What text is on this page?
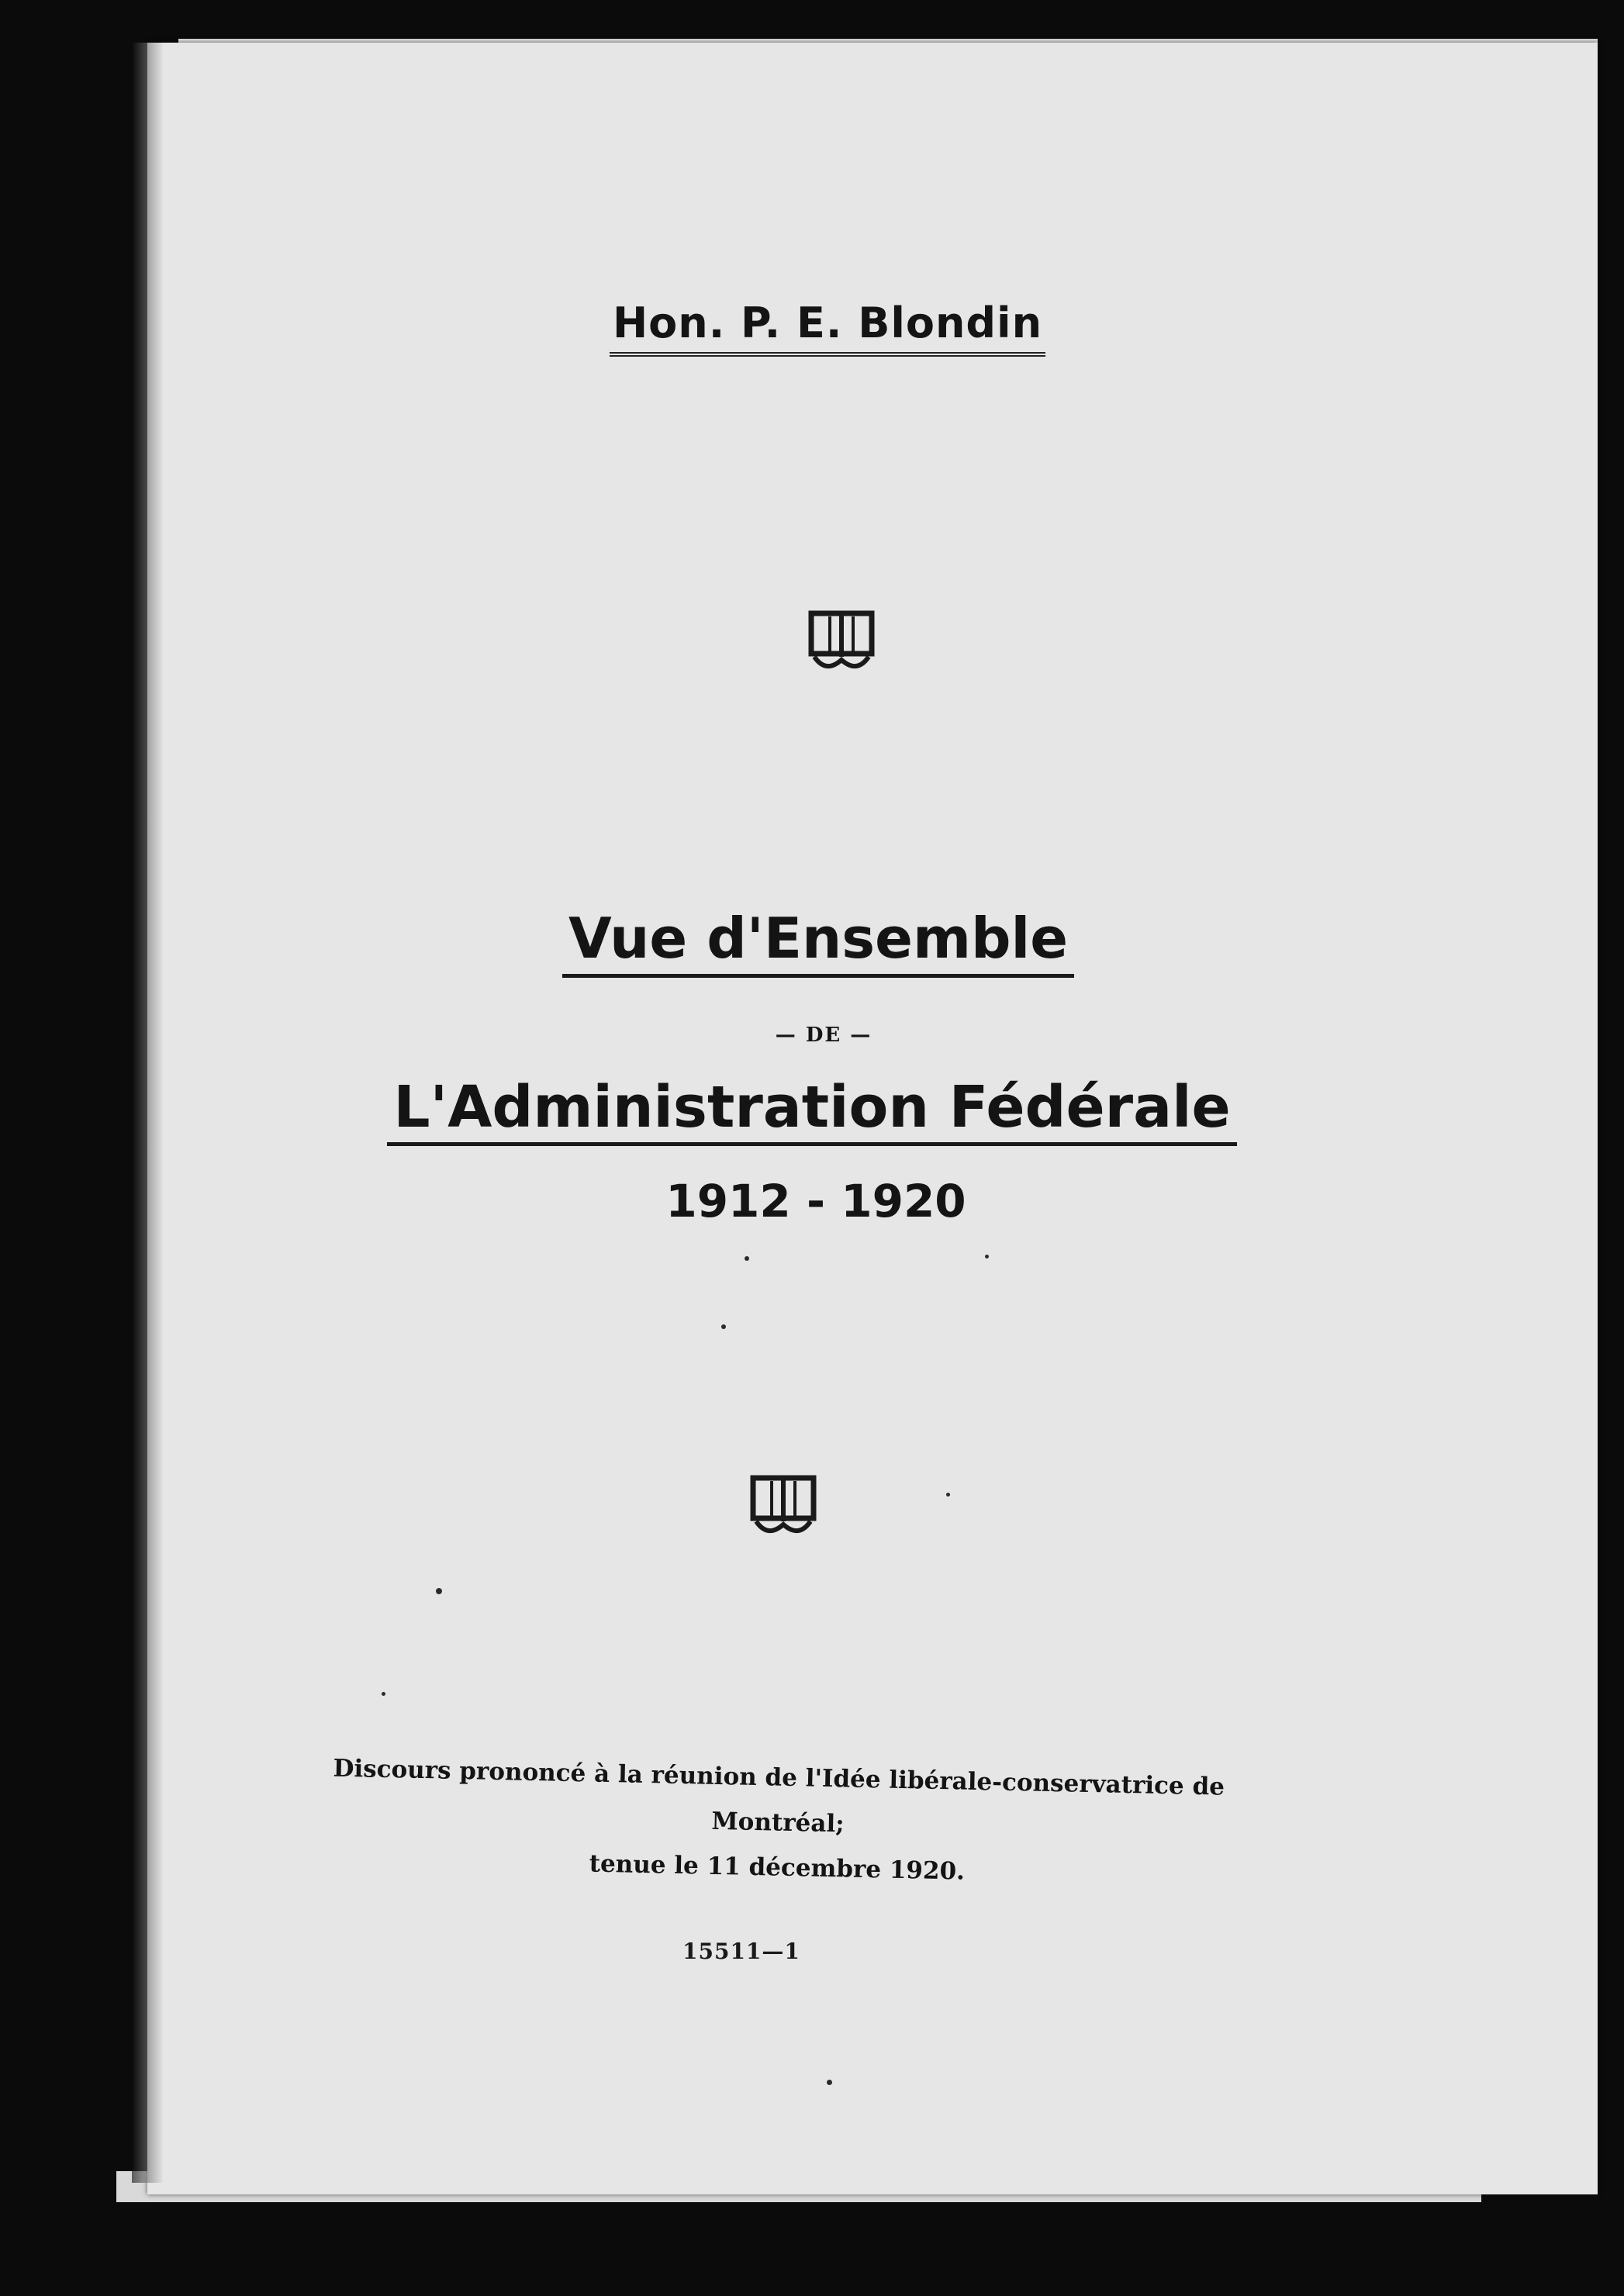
Hon. P. E. Blondin
Vue d'Ensemble
— DE —
L'Administration Fédérale
1912 - 1920
Discours prononcé à la réunion de l'Idée libérale-conservatrice de Montréal;
tenue le 11 décembre 1920.
15511—1
